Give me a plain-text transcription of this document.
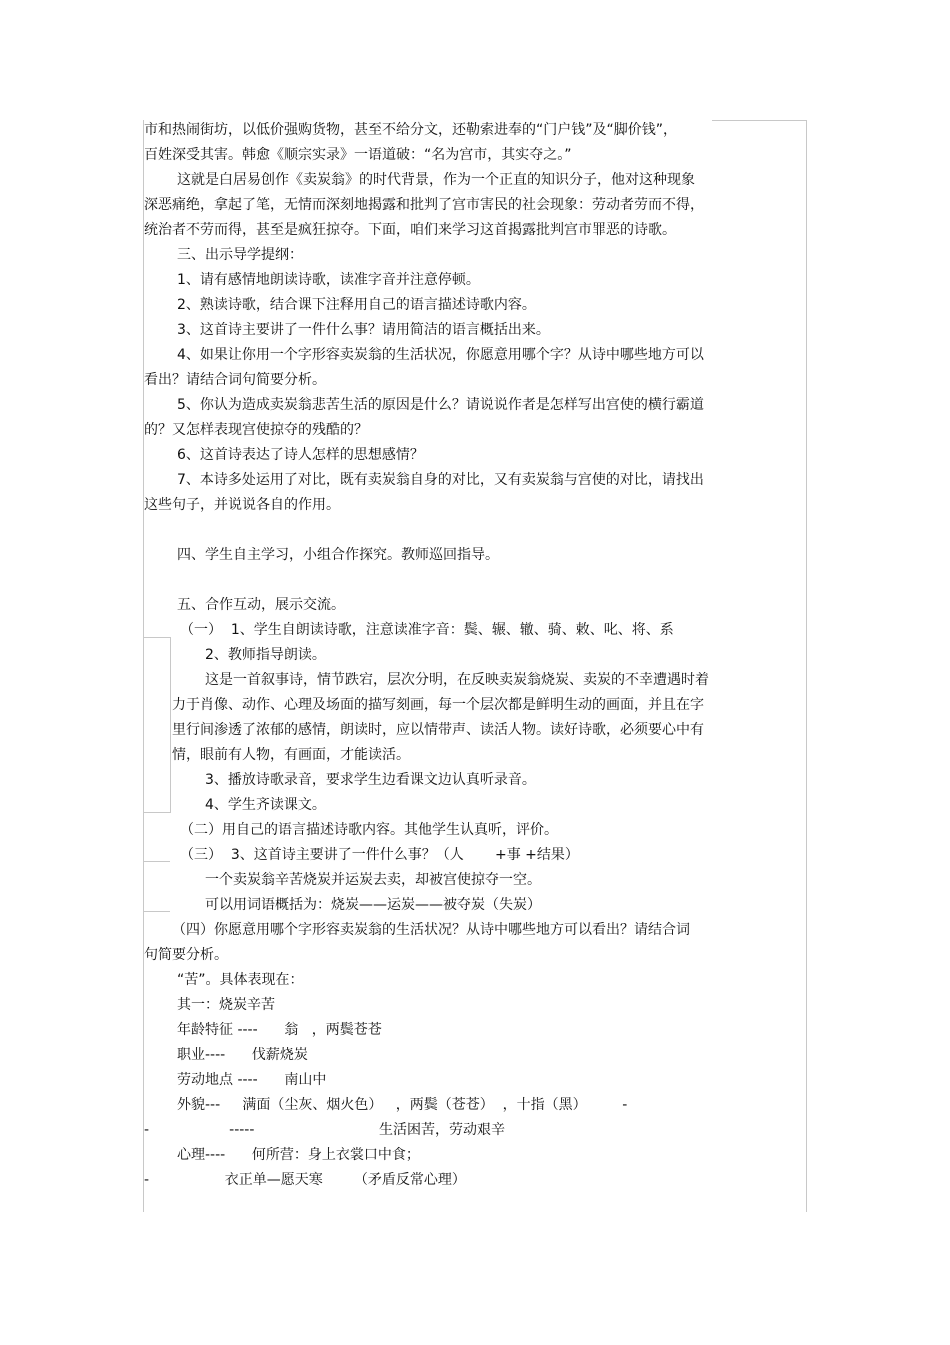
市和热闹街坊，以低价强购货物，甚至不给分文，还勒索进奉的“门户钱”及“脚价钱”，
百姓深受其害。韩愈《顺宗实录》一语道破：“名为宫市，其实夺之。”
这就是白居易创作《卖炭翁》的时代背景，作为一个正直的知识分子，他对这种现象
深恶痛绝，拿起了笔，无情而深刻地揭露和批判了宫市害民的社会现象：劳动者劳而不得，
统治者不劳而得，甚至是疯狂掠夺。下面，咱们来学习这首揭露批判宫市罪恶的诗歌。
三、出示导学提纲：
1、请有感情地朗读诗歌，读准字音并注意停顿。
2、熟读诗歌，结合课下注释用自己的语言描述诗歌内容。
3、这首诗主要讲了一件什么事？请用简洁的语言概括出来。
4、如果让你用一个字形容卖炭翁的生活状况，你愿意用哪个字？从诗中哪些地方可以
看出？请结合词句简要分析。
5、你认为造成卖炭翁悲苦生活的原因是什么？请说说作者是怎样写出宫使的横行霸道
的？又怎样表现宫使掠夺的残酷的？
6、这首诗表达了诗人怎样的思想感情？
7、本诗多处运用了对比，既有卖炭翁自身的对比，又有卖炭翁与宫使的对比，请找出
这些句子，并说说各自的作用。
四、学生自主学习，小组合作探究。教师巡回指导。
五、合作互动，展示交流。
（一）  1、学生自朗读诗歌，注意读准字音：鬓、辗、辙、骑、敕、叱、将、系
2、教师指导朗读。
这是一首叙事诗，情节跌宕，层次分明，在反映卖炭翁烧炭、卖炭的不幸遭遇时着
力于肖像、动作、心理及场面的描写刻画，每一个层次都是鲜明生动的画面，并且在字
里行间渗透了浓郁的感情，朗读时，应以情带声、读活人物。读好诗歌，必须要心中有
情，眼前有人物，有画面，才能读活。
3、播放诗歌录音，要求学生边看课文边认真听录音。
4、学生齐读课文。
（二）用自己的语言描述诗歌内容。其他学生认真听，评价。
（三）  3、这首诗主要讲了一件什么事？（人       +事 +结果）
一个卖炭翁辛苦烧炭并运炭去卖，却被宫使掠夺一空。
可以用词语概括为：烧炭——运炭——被夺炭（失炭）
（四）你愿意用哪个字形容卖炭翁的生活状况？从诗中哪些地方可以看出？请结合词
句简要分析。
“苦”。具体表现在：
其一：烧炭辛苦
年龄特征 ----      翁   ，两鬓苍苍
职业----      伐薪烧炭
劳动地点 ----      南山中
外貌---     满面（尘灰、烟火色）   ，两鬓（苍苍）  ，十指（黑）        -
-                  -----                            生活困苦，劳动艰辛
心理----      何所营：身上衣裳口中食；
-                 衣正单—愿天寒       （矛盾反常心理）
